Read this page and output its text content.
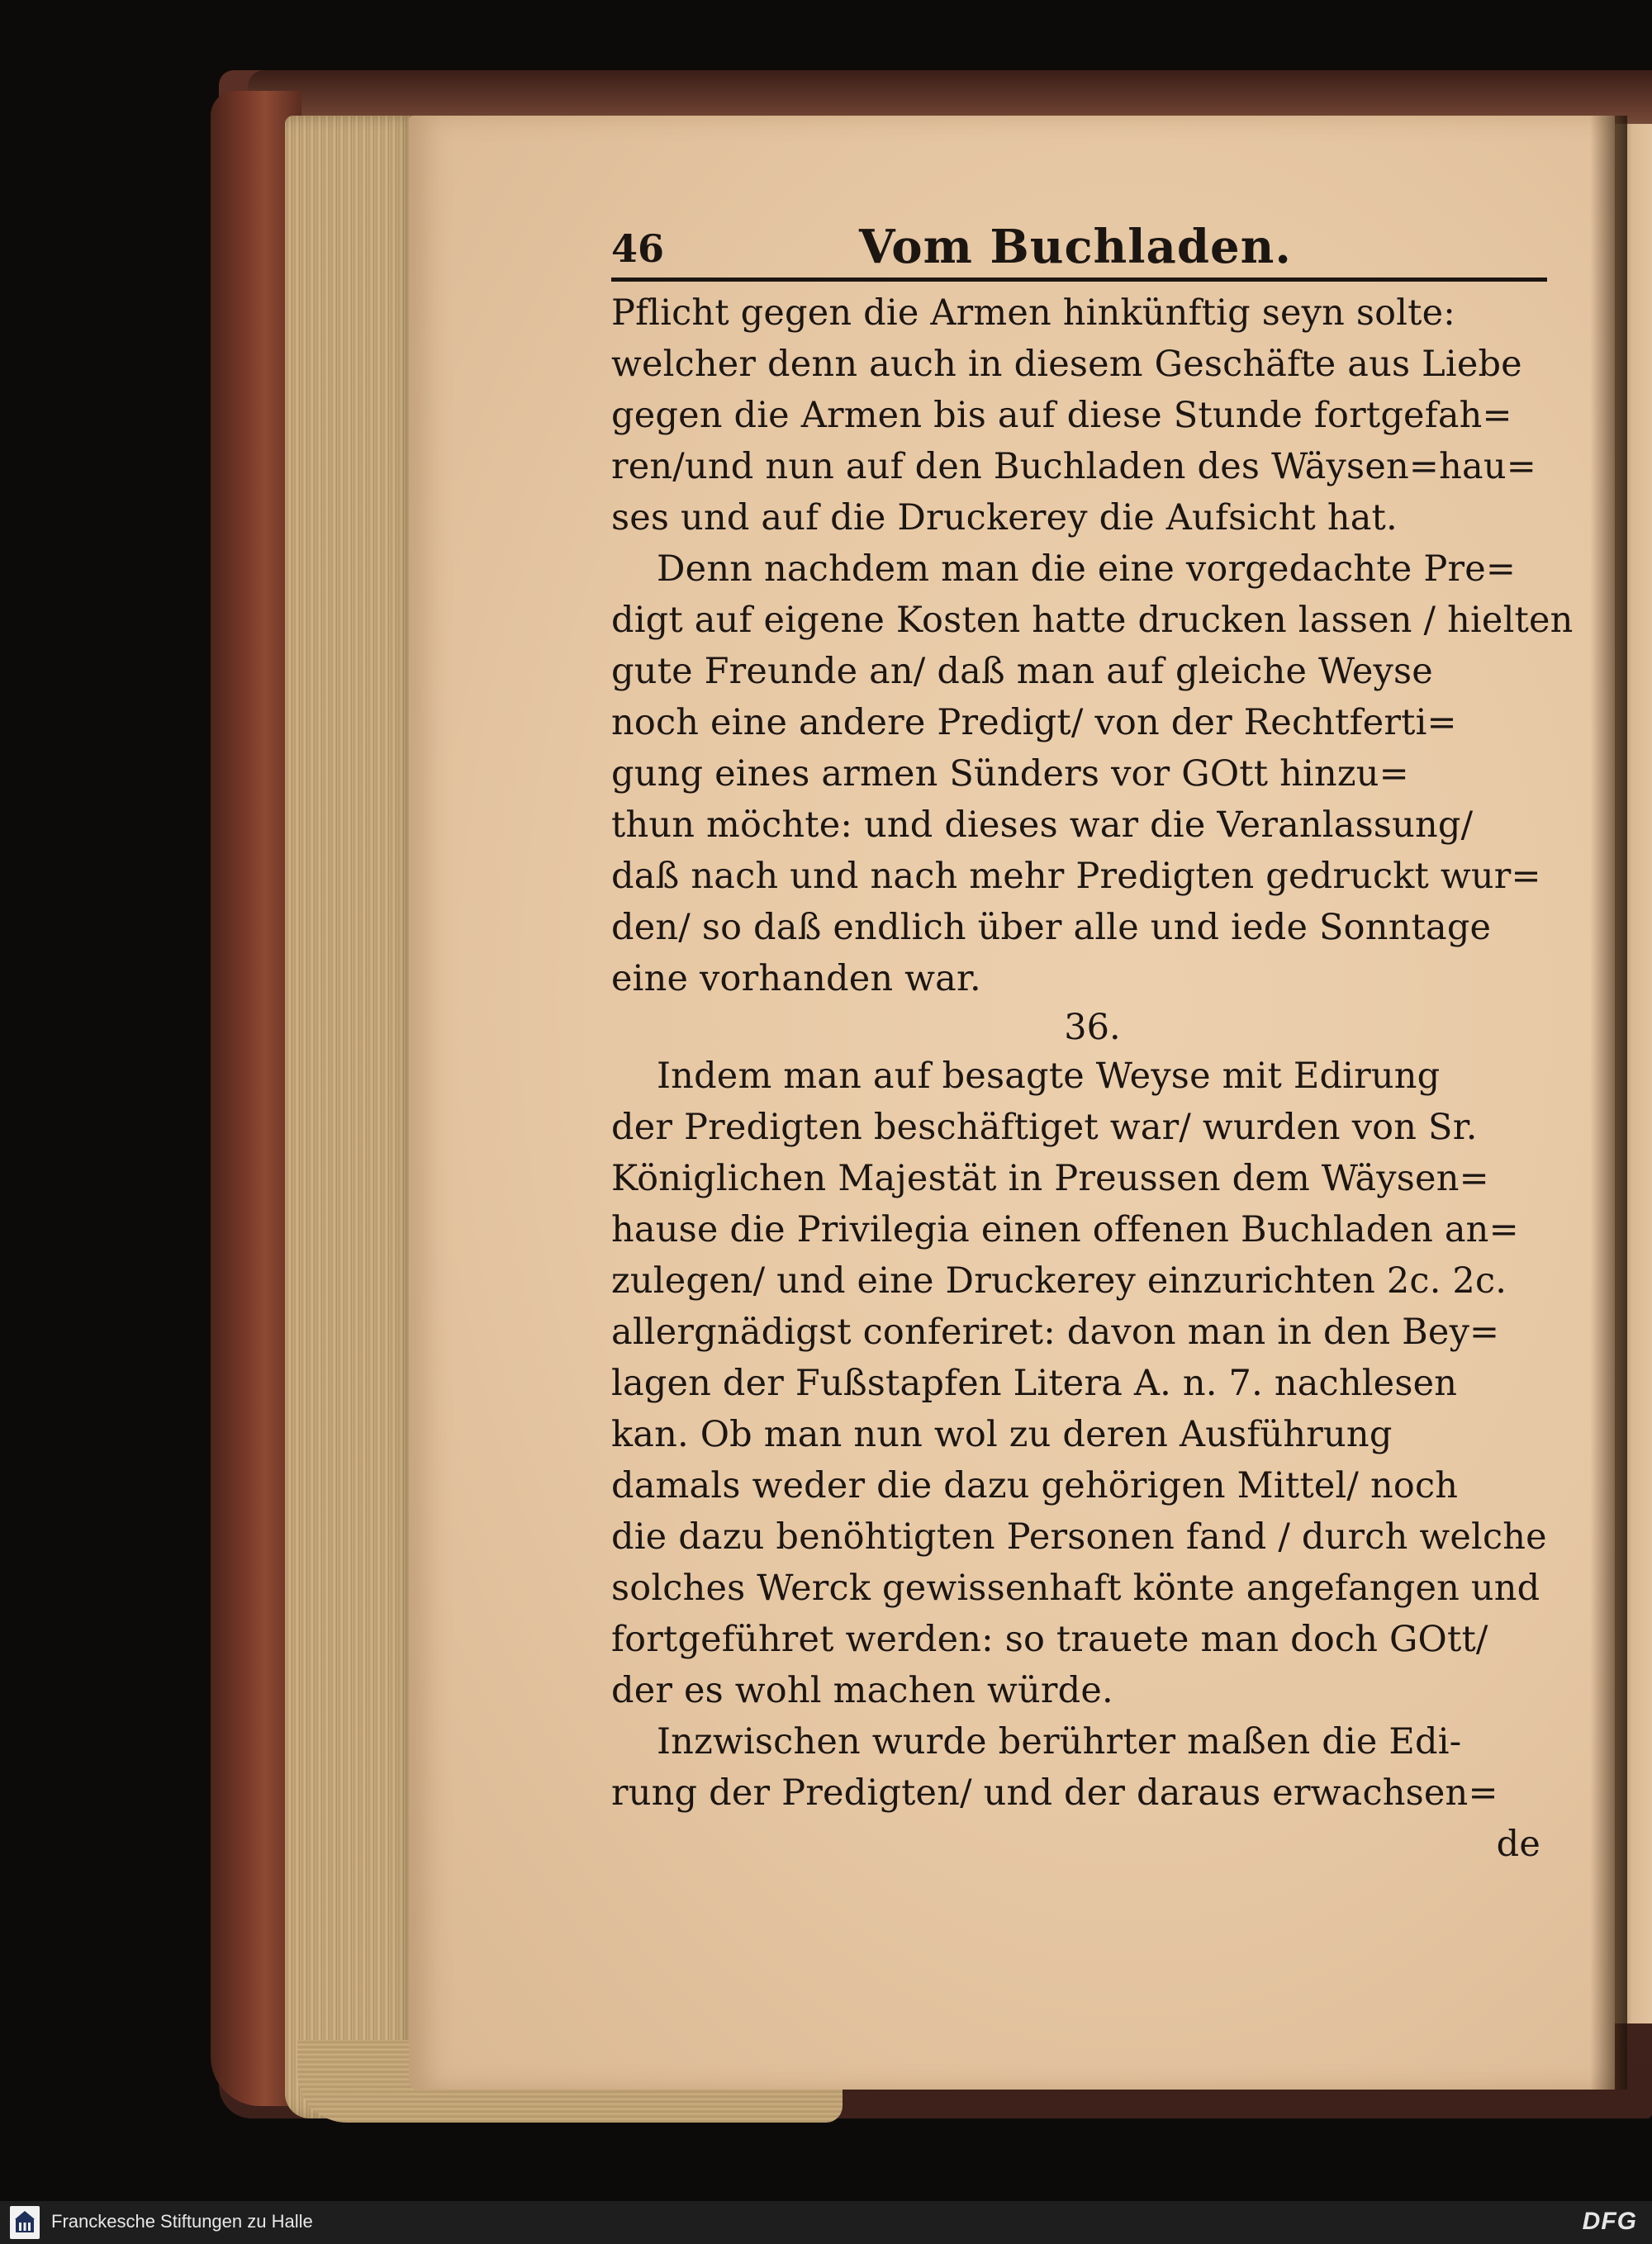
46	Vom Buchladen.
Pflicht gegen die Armen hinkünftig seyn solte:
welcher denn auch in diesem Geschäfte aus Liebe
gegen die Armen bis auf diese Stunde fortgefah=
ren/und nun auf den Buchladen des Wäysen=hau=
ses und auf die Druckerey die Aufsicht hat.
Denn nachdem man die eine vorgedachte Pre=
digt auf eigene Kosten hatte drucken lassen / hielten
gute Freunde an/ daß man auf gleiche Weyse
noch eine andere Predigt/ von der Rechtferti=
gung eines armen Sünders vor GOtt hinzu=
thun möchte: und dieses war die Veranlassung/
daß nach und nach mehr Predigten gedruckt wur=
den/ so daß endlich über alle und iede Sonntage
eine vorhanden war.
36.
Indem man auf besagte Weyse mit Edirung
der Predigten beschäftiget war/ wurden von Sr.
Königlichen Majestät in Preussen dem Wäysen=
hause die Privilegia einen offenen Buchladen an=
zulegen/ und eine Druckerey einzurichten 2c. 2c.
allergnädigst conferiret: davon man in den Bey=
lagen der Fußstapfen Litera A. n. 7. nachlesen
kan. Ob man nun wol zu deren Ausführung
damals weder die dazu gehörigen Mittel/ noch
die dazu benöhtigten Personen fand / durch welche
solches Werck gewissenhaft könte angefangen und
fortgeführet werden: so trauete man doch GOtt/
der es wohl machen würde.
Inzwischen wurde berührter maßen die Edi-
rung der Predigten/ und der daraus erwachsen=
de
Franckesche Stiftungen zu Halle	DFG
